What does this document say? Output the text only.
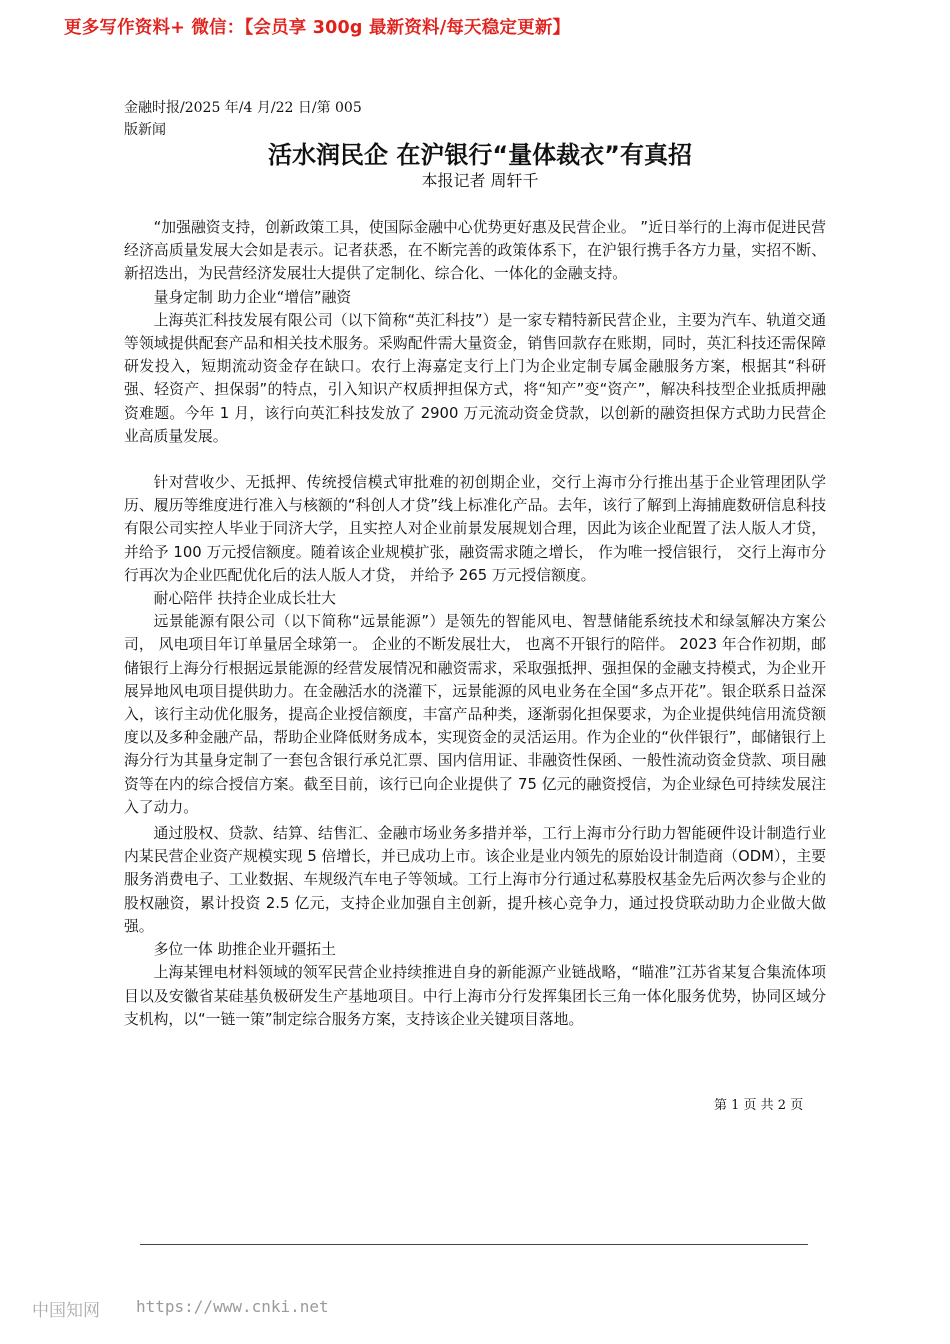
更多写作资料+ 微信：【会员享 300g 最新资料/每天稳定更新】
金融时报/2025 年/4 月/22 日/第 005
版新闻
活水润民企 在沪银行“量体裁衣”有真招
本报记者 周轩千

“加强融资支持，创新政策工具，使国际金融中心优势更好惠及民营企业。 ”近日举行的上海市促进民营经济高质量发展大会如是表示。记者获悉，在不断完善的政策体系下，在沪银行携手各方力量，实招不断、新招迭出，为民营经济发展壮大提供了定制化、综合化、一体化的金融支持。

量身定制 助力企业“增信”融资

上海英汇科技发展有限公司（以下简称“英汇科技”）是一家专精特新民营企业，主要为汽车、轨道交通等领域提供配套产品和相关技术服务。采购配件需大量资金，销售回款存在账期，同时，英汇科技还需保障研发投入，短期流动资金存在缺口。农行上海嘉定支行上门为企业定制专属金融服务方案，根据其“科研强、轻资产、担保弱”的特点，引入知识产权质押担保方式，将“知产”变“资产”，解决科技型企业抵质押融资难题。今年 1 月，该行向英汇科技发放了 2900 万元流动资金贷款，以创新的融资担保方式助力民营企业高质量发展。

针对营收少、无抵押、传统授信模式审批难的初创期企业，交行上海市分行推出基于企业管理团队学历、履历等维度进行准入与核额的“科创人才贷”线上标准化产品。去年，该行了解到上海捕鹿数研信息科技有限公司实控人毕业于同济大学，且实控人对企业前景发展规划合理，因此为该企业配置了法人版人才贷，并给予 100 万元授信额度。随着该企业规模扩张，融资需求随之增长， 作为唯一授信银行， 交行上海市分行再次为企业匹配优化后的法人版人才贷， 并给予 265 万元授信额度。

耐心陪伴 扶持企业成长壮大

远景能源有限公司（以下简称“远景能源”）是领先的智能风电、智慧储能系统技术和绿氢解决方案公司， 风电项目年订单量居全球第一。 企业的不断发展壮大， 也离不开银行的陪伴。 2023 年合作初期，邮储银行上海分行根据远景能源的经营发展情况和融资需求，采取强抵押、强担保的金融支持模式，为企业开展异地风电项目提供助力。在金融活水的浇灌下，远景能源的风电业务在全国“多点开花”。银企联系日益深入，该行主动优化服务，提高企业授信额度，丰富产品种类，逐渐弱化担保要求，为企业提供纯信用流贷额度以及多种金融产品，帮助企业降低财务成本，实现资金的灵活运用。作为企业的“伙伴银行”，邮储银行上海分行为其量身定制了一套包含银行承兑汇票、国内信用证、非融资性保函、一般性流动资金贷款、项目融资等在内的综合授信方案。截至目前，该行已向企业提供了 75 亿元的融资授信，为企业绿色可持续发展注入了动力。

通过股权、贷款、结算、结售汇、金融市场业务多措并举，工行上海市分行助力智能硬件设计制造行业内某民营企业资产规模实现 5 倍增长，并已成功上市。该企业是业内领先的原始设计制造商（ODM），主要服务消费电子、工业数据、车规级汽车电子等领域。工行上海市分行通过私募股权基金先后两次参与企业的股权融资，累计投资 2.5 亿元，支持企业加强自主创新，提升核心竞争力，通过投贷联动助力企业做大做强。

多位一体 助推企业开疆拓土

上海某锂电材料领域的领军民营企业持续推进自身的新能源产业链战略，“瞄准”江苏省某复合集流体项目以及安徽省某硅基负极研发生产基地项目。中行上海市分行发挥集团长三角一体化服务优势，协同区域分支机构，以“一链一策”制定综合服务方案，支持该企业关键项目落地。

第 1 页 共 2 页
中国知网 https://www.cnki.net
